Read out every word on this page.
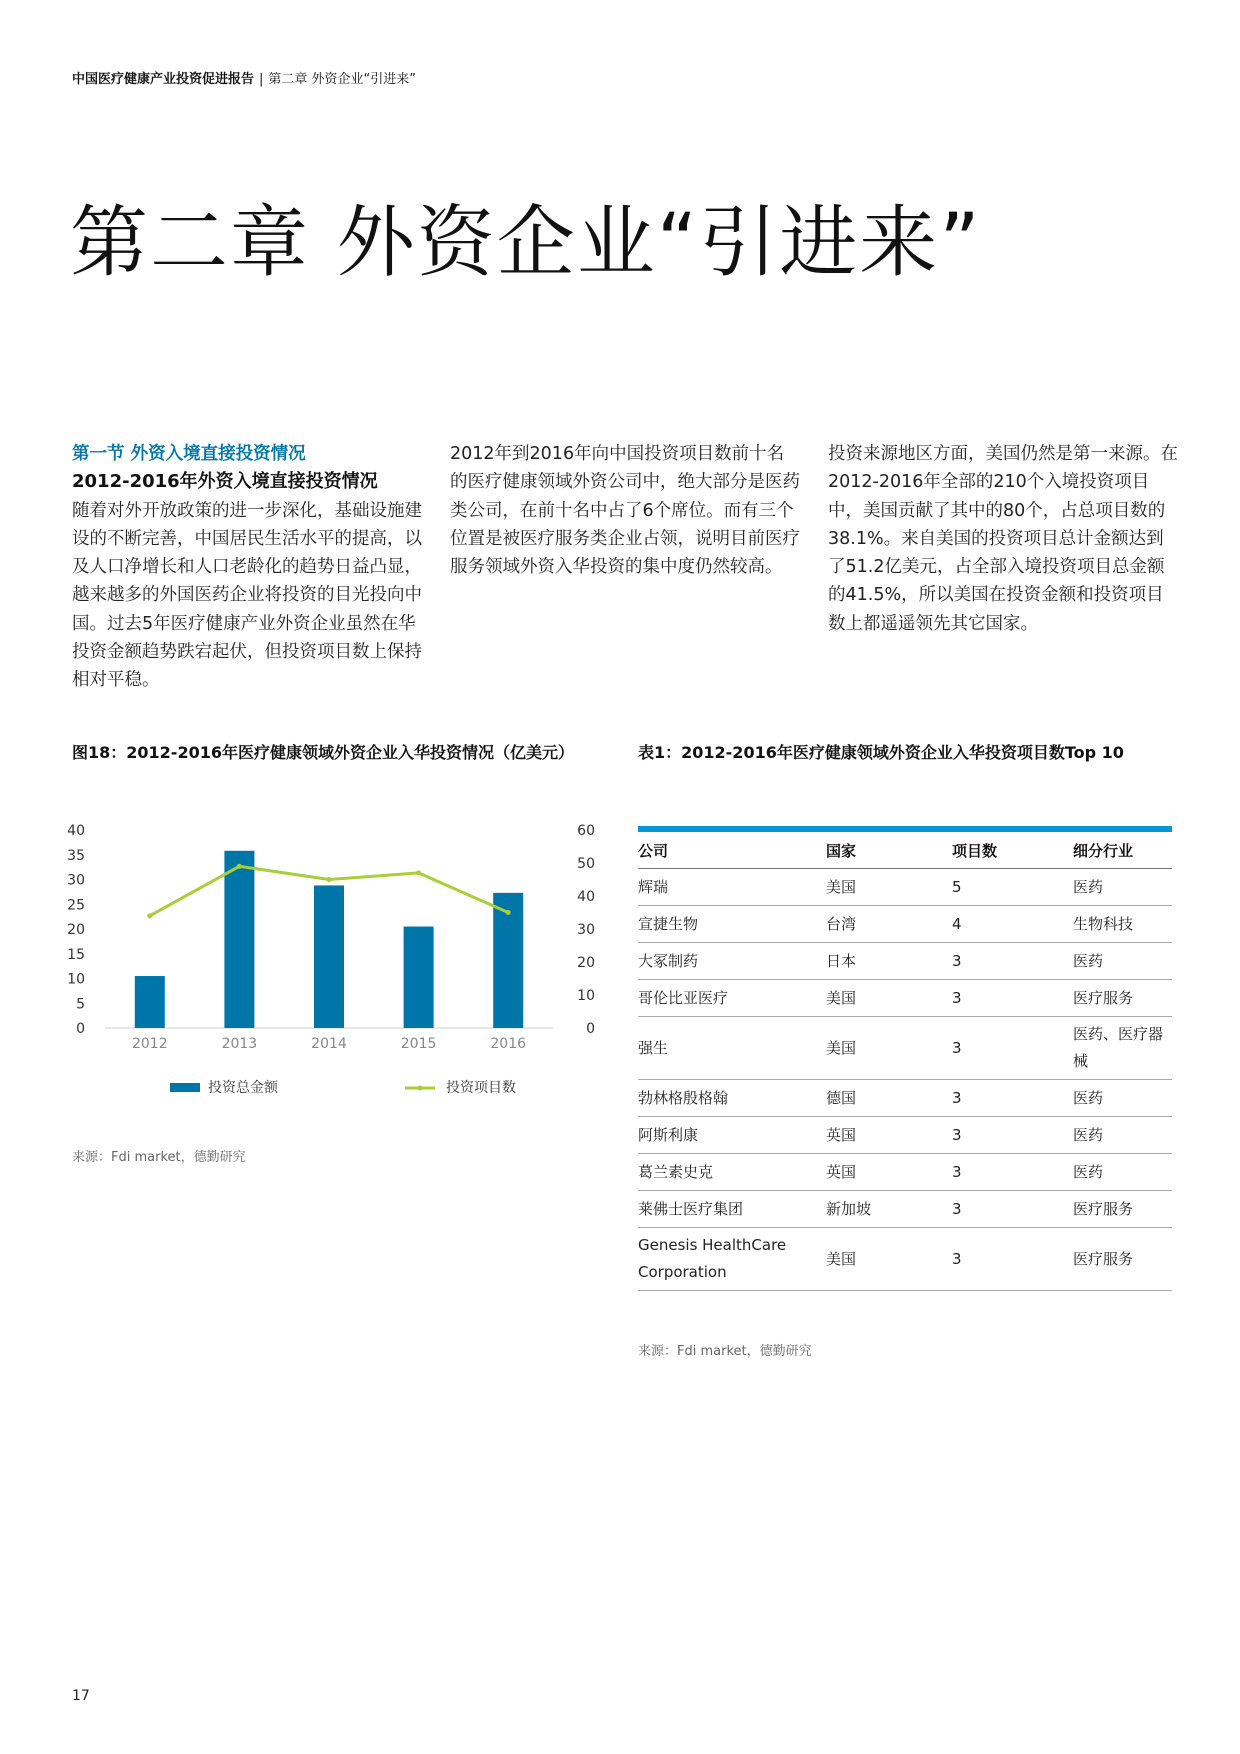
中国医疗健康产业投资促进报告 | 第二章 外资企业“引进来”
第二章 外资企业“引进来”

第一节 外资入境直接投资情况

2012-2016年外资入境直接投资情况

随着对外开放政策的进一步深化，基础设施建设的不断完善，中国居民生活水平的提高，以及人口净增长和人口老龄化的趋势日益凸显，越来越多的外国医药企业将投资的目光投向中国。过去5年医疗健康产业外资企业虽然在华投资金额趋势跌宕起伏，但投资项目数上保持相对平稳。

2012年到2016年向中国投资项目数前十名的医疗健康领域外资公司中，绝大部分是医药类公司，在前十名中占了6个席位。而有三个位置是被医疗服务类企业占领，说明目前医疗服务领域外资入华投资的集中度仍然较高。

投资来源地区方面，美国仍然是第一来源。在2012-2016年全部的210个入境投资项目中，美国贡献了其中的80个，占总项目数的38.1%。来自美国的投资项目总计金额达到了51.2亿美元，占全部入境投资项目总金额的41.5%，所以美国在投资金额和投资项目数上都遥遥领先其它国家。

图18：2012-2016年医疗健康领域外资企业入华投资情况（亿美元）	表1：2012-2016年医疗健康领域外资企业入华投资项目数Top 10
0
5
10
15
20
25
30
35
40
0
10
20
30
40
50
60
2012	2013	2014	2015	2016
投资总金额	投资项目数
来源：Fdi market，德勤研究
公司	国家	项目数	细分行业
辉瑞	美国	5	医药
宣捷生物	台湾	4	生物科技
大冢制药	日本	3	医药
哥伦比亚医疗	美国	3	医疗服务
强生	美国	3	医药、医疗器械
勃林格殷格翰	德国	3	医药
阿斯利康	英国	3	医药
葛兰素史克	英国	3	医药
莱佛士医疗集团	新加坡	3	医疗服务
Genesis HealthCare Corporation	美国	3	医疗服务
来源：Fdi market，德勤研究
17
